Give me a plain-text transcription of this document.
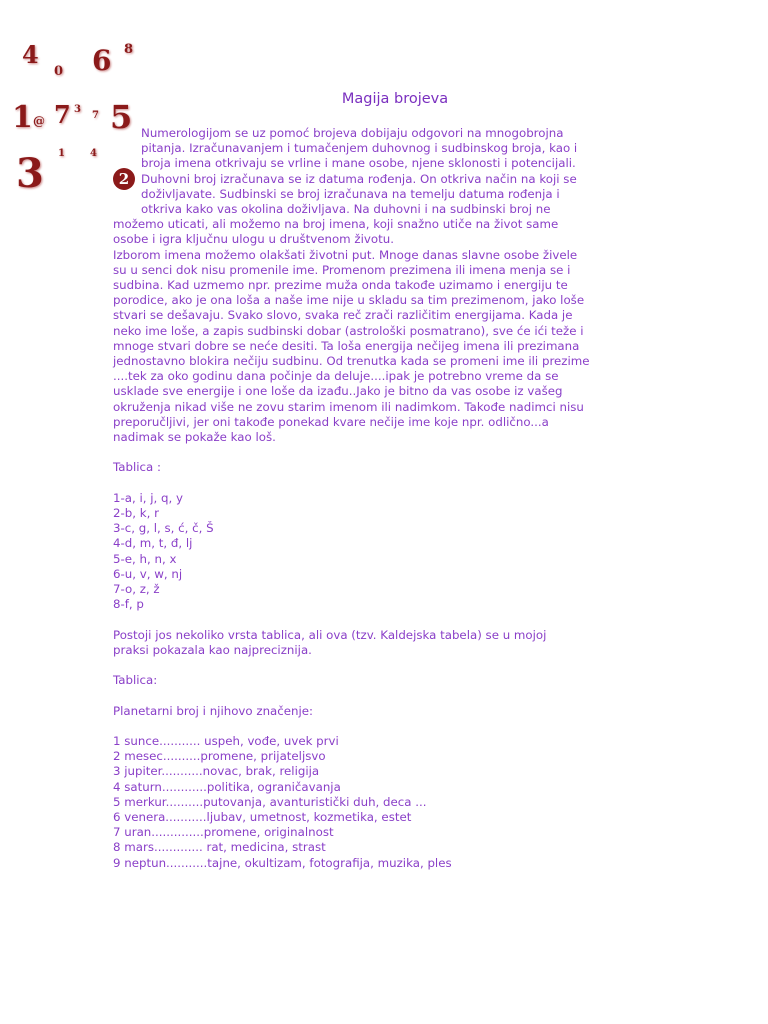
4
0 6 8
1 @ 7 3
7 5
3 1	4
2
Magija brojeva

Numerologijom se uz pomoć brojeva dobijaju odgovori na mnogobrojna

pitanja. Izračunavanjem i tumačenjem duhovnog i sudbinskog broja, kao i

broja imena otkrivaju se vrline i mane osobe, njene sklonosti i potencijali.

Duhovni broj izračunava se iz datuma rođenja. On otkriva način na koji se

doživljavate. Sudbinski se broj izračunava na temelju datuma rođenja i

otkriva kako vas okolina doživljava. Na duhovni i na sudbinski broj ne

možemo uticati, ali možemo na broj imena, koji snažno utiče na život same

osobe i igra ključnu ulogu u društvenom životu.

Izborom imena možemo olakšati životni put. Mnoge danas slavne osobe živele

su u senci dok nisu promenile ime. Promenom prezimena ili imena menja se i

sudbina. Kad uzmemo npr. prezime muža onda takođe uzimamo i energiju te

porodice, ako je ona loša a naše ime nije u skladu sa tim prezimenom, jako loše

stvari se dešavaju. Svako slovo, svaka reč zrači različitim energijama. Kada je

neko ime loše, a zapis sudbinski dobar (astrološki posmatrano), sve će ići teže i

mnoge stvari dobre se neće desiti. Ta loša energija nečijeg imena ili prezimana

jednostavno blokira nečiju sudbinu. Od trenutka kada se promeni ime ili prezime

....tek za oko godinu dana počinje da deluje....ipak je potrebno vreme da se

usklade sve energije i one loše da izađu..Jako je bitno da vas osobe iz vašeg

okruženja nikad više ne zovu starim imenom ili nadimkom. Takođe nadimci nisu

preporučljivi, jer oni takođe ponekad kvare nečije ime koje npr. odlično...a

nadimak se pokaže kao loš.

Tablica :

1-a, i, j, q, y

2-b, k, r

3-c, g, l, s, ć, č, Š

4-d, m, t, đ, lj

5-e, h, n, x

6-u, v, w, nj

7-o, z, ž

8-f, p

Postoji jos nekoliko vrsta tablica, ali ova (tzv. Kaldejska tabela) se u mojoj

praksi pokazala kao najpreciznija.

Tablica:

Planetarni broj i njihovo značenje:

1 sunce........... uspeh, vođe, uvek prvi

2 mesec..........promene, prijateljsvo

3 jupiter...........novac, brak, religija

4 saturn............politika, ograničavanja

5 merkur..........putovanja, avanturistički duh, deca ...

6 venera...........ljubav, umetnost, kozmetika, estet

7 uran..............promene, originalnost

8 mars............. rat, medicina, strast

9 neptun...........tajne, okultizam, fotografija, muzika, ples
